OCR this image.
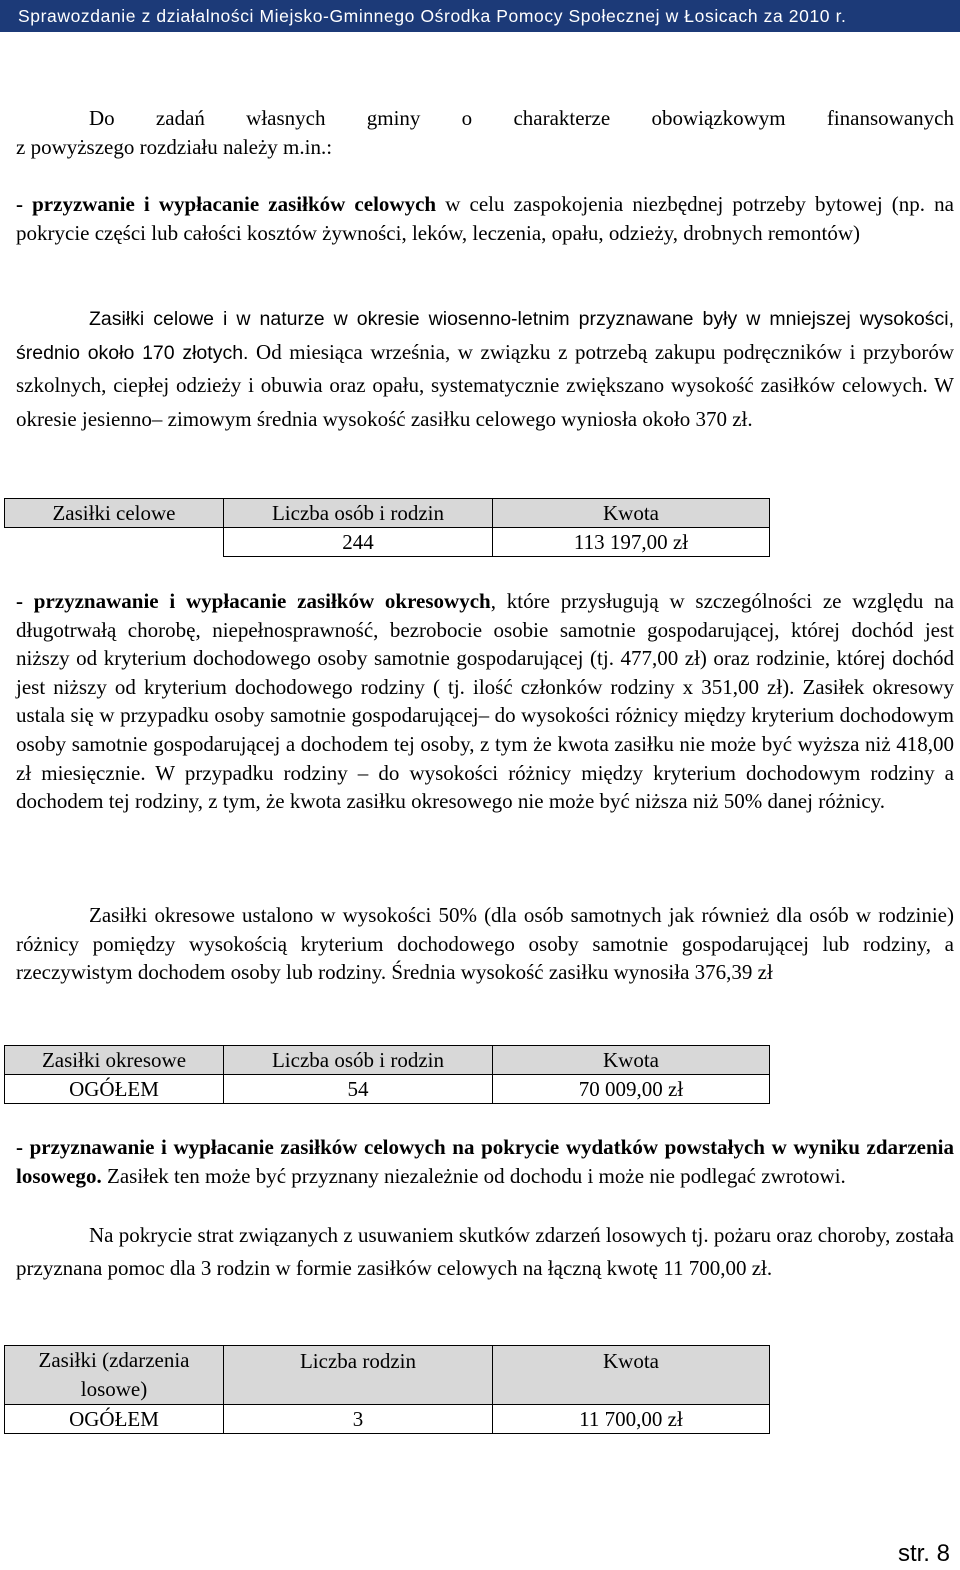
Sprawozdanie z działalności Miejsko-Gminnego Ośrodka Pomocy Społecznej w Łosicach za 2010 r.

Do zadań własnych gminy o charakterze obowiązkowym finansowanych

z powyższego rozdziału należy m.in.:

- przyzwanie i wypłacanie zasiłków celowych w celu zaspokojenia niezbędnej potrzeby bytowej (np. na pokrycie części lub całości kosztów żywności, leków, leczenia, opału, odzieży, drobnych remontów)

Zasiłki celowe i w naturze w okresie wiosenno-letnim przyznawane były w mniejszej wysokości, średnio około 170 złotych. Od miesiąca września, w związku z potrzebą zakupu podręczników i przyborów szkolnych, ciepłej odzieży i obuwia oraz opału, systematycznie zwiększano wysokość zasiłków celowych. W okresie jesienno– zimowym średnia wysokość zasiłku celowego wyniosła około 370 zł.

Zasiłki celowe	Liczba osób i rodzin	Kwota
	244	113 197,00 zł

- przyznawanie i wypłacanie zasiłków okresowych, które przysługują w szczególności ze względu na długotrwałą chorobę, niepełnosprawność, bezrobocie osobie samotnie gospodarującej, której dochód jest niższy od kryterium dochodowego osoby samotnie gospodarującej (tj. 477,00 zł) oraz rodzinie, której dochód jest niższy od kryterium dochodowego rodziny ( tj. ilość członków rodziny x 351,00 zł). Zasiłek okresowy ustala się w przypadku osoby samotnie gospodarującej– do wysokości różnicy między kryterium dochodowym osoby samotnie gospodarującej a dochodem tej osoby, z tym że kwota zasiłku nie może być wyższa niż 418,00 zł miesięcznie. W przypadku rodziny – do wysokości różnicy między kryterium dochodowym rodziny a dochodem tej rodziny, z tym, że kwota zasiłku okresowego nie może być niższa niż 50% danej różnicy.

Zasiłki okresowe ustalono w wysokości 50% (dla osób samotnych jak również dla osób w rodzinie) różnicy pomiędzy wysokością kryterium dochodowego osoby samotnie gospodarującej lub rodziny, a rzeczywistym dochodem osoby lub rodziny. Średnia wysokość zasiłku wynosiła 376,39 zł

Zasiłki okresowe	Liczba osób i rodzin	Kwota
OGÓŁEM	54	70 009,00 zł

- przyznawanie i wypłacanie zasiłków celowych na pokrycie wydatków powstałych w wyniku zdarzenia losowego. Zasiłek ten może być przyznany niezależnie od dochodu i może nie podlegać zwrotowi.

Na pokrycie strat związanych z usuwaniem skutków zdarzeń losowych tj. pożaru oraz choroby, została przyznana pomoc dla 3 rodzin w formie zasiłków celowych na łączną kwotę 11 700,00 zł.

Zasiłki (zdarzenia losowe)	Liczba rodzin	Kwota
OGÓŁEM	3	11 700,00 zł
str. 8
